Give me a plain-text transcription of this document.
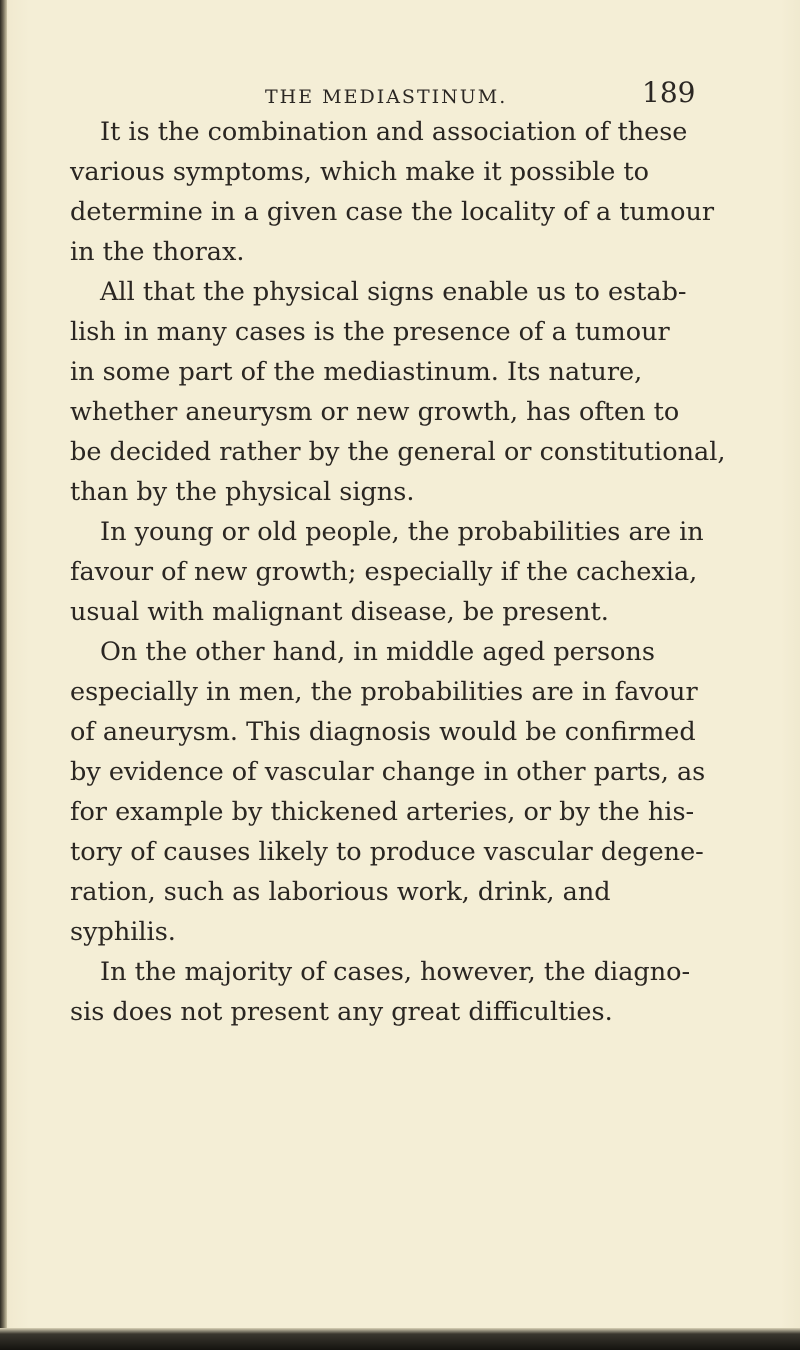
THE MEDIASTINUM.	189
It is the combination and association of these
various symptoms, which make it possible to
determine in a given case the locality of a tumour
in the thorax.
All that the physical signs enable us to estab-
lish in many cases is the presence of a tumour
in some part of the mediastinum. Its nature,
whether aneurysm or new growth, has often to
be decided rather by the general or constitutional,
than by the physical signs.
In young or old people, the probabilities are in
favour of new growth; especially if the cachexia,
usual with malignant disease, be present.
On the other hand, in middle aged persons
especially in men, the probabilities are in favour
of aneurysm. This diagnosis would be confirmed
by evidence of vascular change in other parts, as
for example by thickened arteries, or by the his-
tory of causes likely to produce vascular degene-
ration, such as laborious work, drink, and
syphilis.
In the majority of cases, however, the diagno-
sis does not present any great difficulties.
